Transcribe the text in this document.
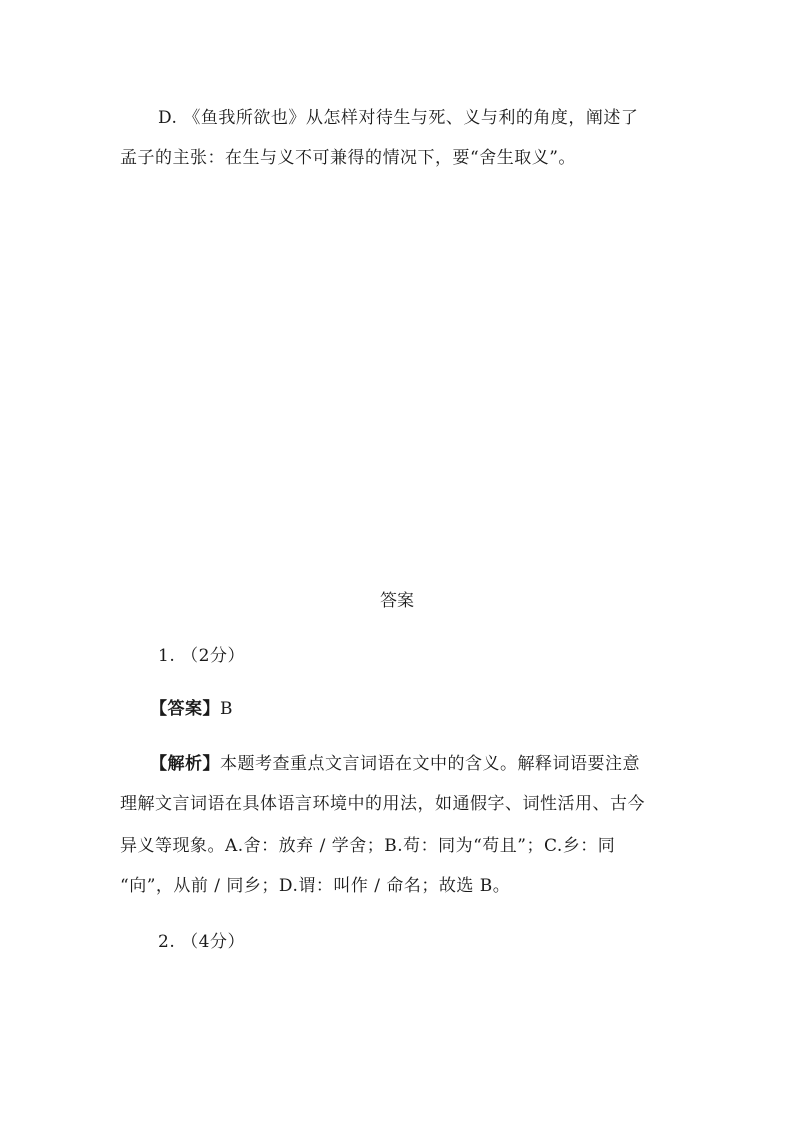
D. 《鱼我所欲也》从怎样对待生与死、义与利的角度，阐述了

孟子的主张：在生与义不可兼得的情况下，要“舍生取义”。

答案

1. （2分）

【答案】B

【解析】本题考查重点文言词语在文中的含义。解释词语要注意

理解文言词语在具体语言环境中的用法，如通假字、词性活用、古今

异义等现象。A.舍：放弃 / 学舍；B.苟：同为“苟且”；C.乡：同

“向”，从前 / 同乡；D.谓：叫作 / 命名；故选 B。

2. （4分）
